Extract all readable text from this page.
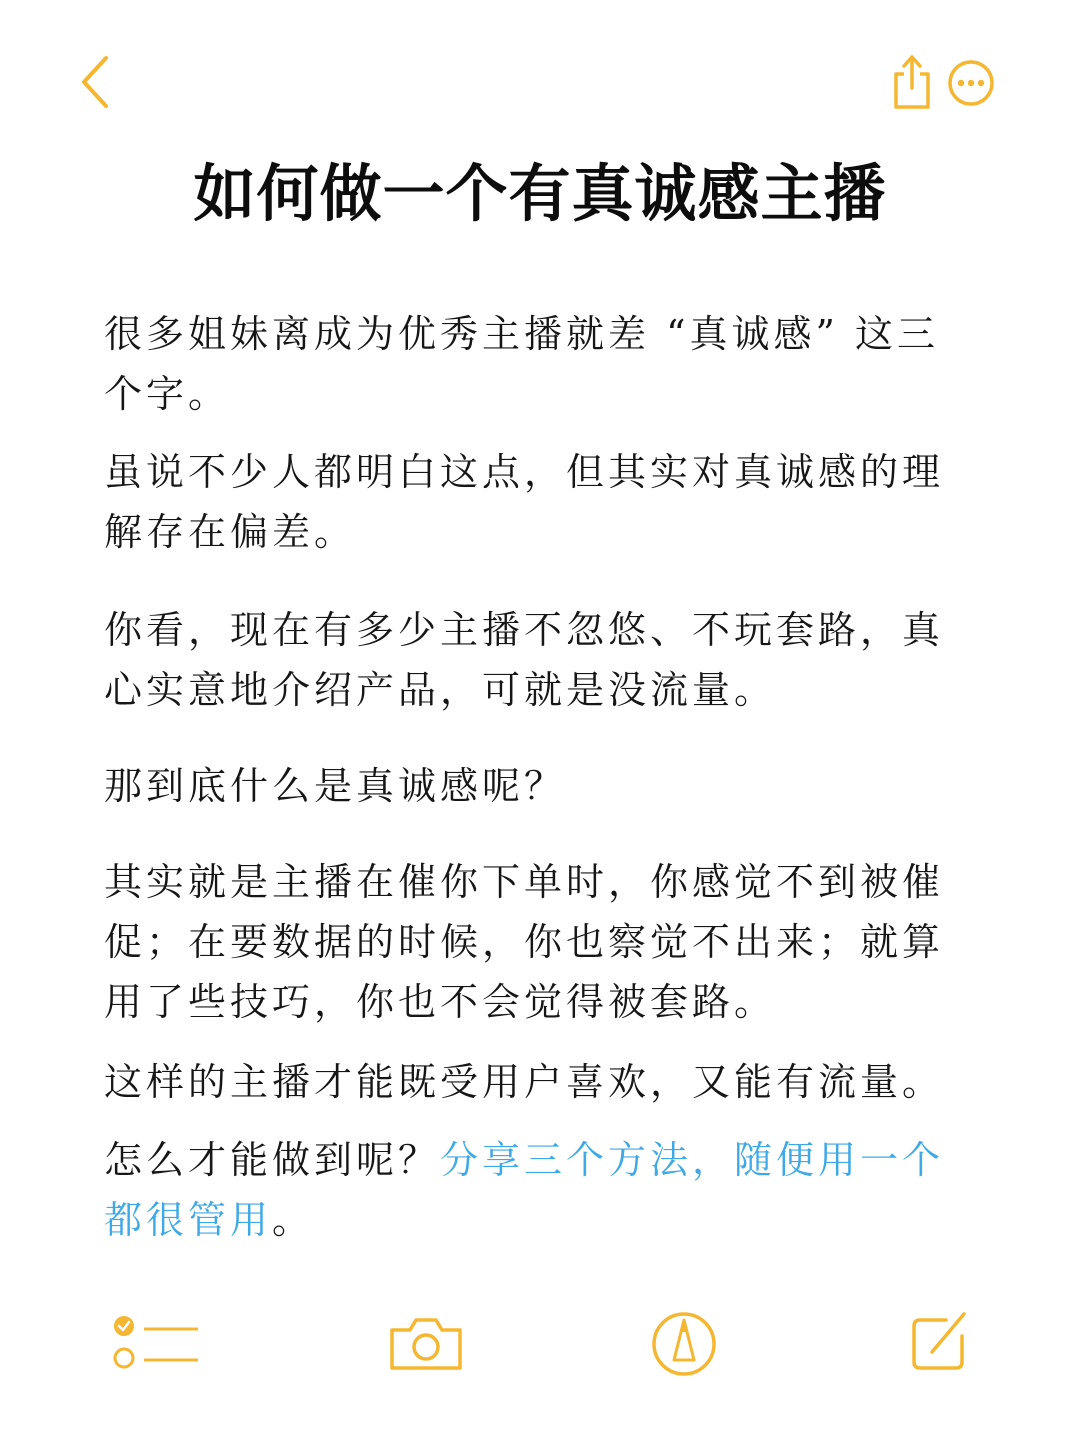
如何做一个有真诚感主播

很多姐妹离成为优秀主播就差 “真诚感” 这三个字。

虽说不少人都明白这点，但其实对真诚感的理解存在偏差。

你看，现在有多少主播不忽悠、不玩套路，真心实意地介绍产品，可就是没流量。

那到底什么是真诚感呢？

其实就是主播在催你下单时，你感觉不到被催促；在要数据的时候，你也察觉不出来；就算用了些技巧，你也不会觉得被套路。

这样的主播才能既受用户喜欢，又能有流量。

怎么才能做到呢？分享三个方法，随便用一个都很管用。
